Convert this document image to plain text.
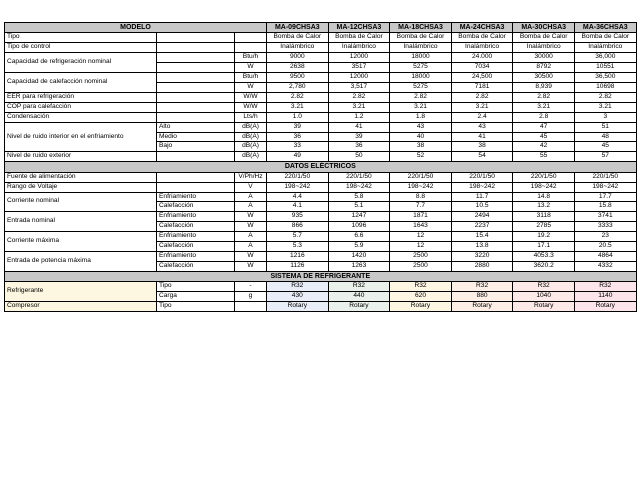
MODELO			MA-09CHSA3	MA-12CHSA3	MA-18CHSA3	MA-24CHSA3	MA-30CHSA3	MA-36CHSA3
Tipo			Bomba de Calor	Bomba de Calor	Bomba de Calor	Bomba de Calor	Bomba de Calor	Bomba de Calor
Tipo de control			Inalámbrico	Inalámbrico	Inalámbrico	Inalámbrico	Inalámbrico	Inalámbrico
Capacidad de refrigeración nominal		Btu/h	9000	12000	18000	24.000	30000	36,000
		W	2638	3517	5275	7034	8792	10551
Capacidad de calefacción nominal		Btu/h	9500	12000	18000	24,500	30500	36,500
		W	2,780	3,517	5275	7181	8,939	10698
EER para refrigeración		W/W	2.82	2.82	2.82	2.82	2.82	2.82
COP para calefacción		W/W	3.21	3.21	3.21	3.21	3.21	3.21
Condensación		Lts/h	1.0	1.2	1.8	2.4	2.8	3
Nivel de ruido interior en el enfriamiento	Alto	dB(A)	39	41	43	43	47	51
	Medio	dB(A)	36	39	40	41	45	48
	Bajo	dB(A)	33	36	38	38	42	45
Nivel de ruido exterior		dB(A)	49	50	52	54	55	57
DATOS ELÉCTRICOS								
Fuente de alimentación		V/Ph/Hz	220/1/50	220/1/50	220/1/50	220/1/50	220/1/50	220/1/50
Rango de Voltaje		V	198~242	198~242	198~242	198~242	198~242	198~242
Corriente nominal	Enfriamiento	A	4.4	5.8	8.8	11.7	14.8	17.7
	Calefacción	A	4.1	5.1	7.7	10.5	13.2	15.8
Entrada nominal	Enfriamiento	W	935	1247	1871	2494	3118	3741
	Calefacción	W	866	1096	1643	2237	2785	3333
Corriente máxima	Enfriamiento	A	5.7	6.6	12	15.4	19.2	23
	Calefacción	A	5.3	5.9	12	13.8	17.1	20.5
Entrada de potencia máxima	Enfriamiento	W	1216	1420	2500	3220	4053.3	4864
	Calefacción	W	1126	1263	2500	2880	3620.2	4332
SISTEMA DE REFRIGERANTE								
Refrigerante	Tipo	-	R32	R32	R32	R32	R32	R32
	Carga	g	430	440	620	880	1040	1140
Compresor	Tipo		Rotary	Rotary	Rotary	Rotary	Rotary	Rotary
